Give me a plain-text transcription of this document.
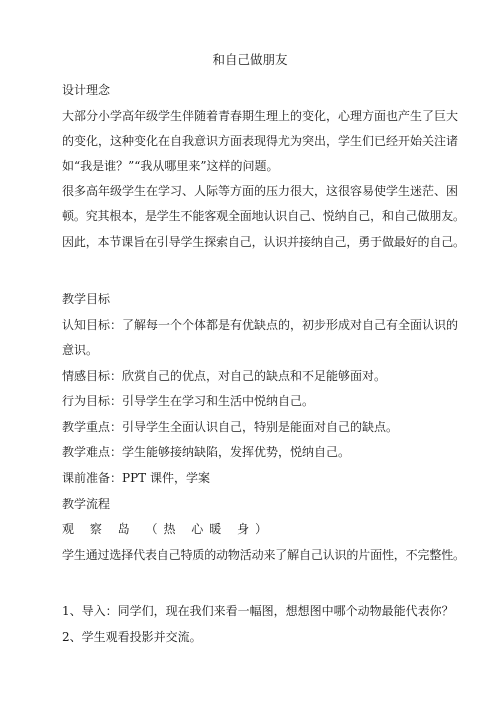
和自己做朋友
设计理念
大部分小学高年级学生伴随着青春期生理上的变化，心理方面也产生了巨大
的变化，这种变化在自我意识方面表现得尤为突出，学生们已经开始关注诸
如“我是谁？”“我从哪里来”这样的问题。
很多高年级学生在学习、人际等方面的压力很大，这很容易使学生迷茫、困
顿。究其根本，是学生不能客观全面地认识自己、悦纳自己，和自己做朋友。
因此，本节课旨在引导学生探索自己，认识并接纳自己，勇于做最好的自己。
教学目标
认知目标：了解每一个个体都是有优缺点的，初步形成对自己有全面认识的
意识。
情感目标：欣赏自己的优点，对自己的缺点和不足能够面对。
行为目标：引导学生在学习和生活中悦纳自己。
教学重点：引导学生全面认识自己，特别是能面对自己的缺点。
教学难点：学生能够接纳缺陷，发挥优势，悦纳自己。
课前准备：PPT 课件，学案
教学流程
观 察 岛 （热 心暖 身）
学生通过选择代表自己特质的动物活动来了解自己认识的片面性，不完整性。
1、导入：同学们，现在我们来看一幅图，想想图中哪个动物最能代表你？
2、学生观看投影并交流。
